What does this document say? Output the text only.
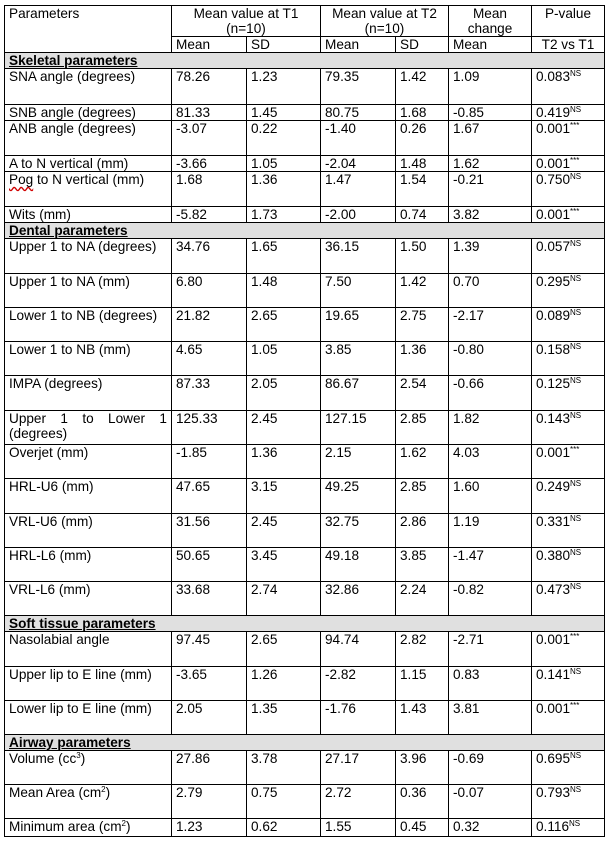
Parameters	Mean value at T1 (n=10)		Mean value at T2 (n=10)		Mean change	P-value
	Mean	SD	Mean	SD	Mean	T2 vs T1
Skeletal parameters						
SNA angle (degrees)	78.26	1.23	79.35	1.42	1.09	$0.083^{NS}$
SNB angle (degrees)	81.33	1.45	80.75	1.68	-0.85	$0.419^{NS}$
ANB angle (degrees)	-3.07	0.22	-1.40	0.26	1.67	0.001***
A to N vertical (mm)	-3.66	1.05	-2.04	1.48	1.62	0.001***
Pog to N vertical (mm)	1.68	1.36	1.47	1.54	-0.21	$0.750^{NS}$
Wits (mm)	-5.82	1.73	-2.00	0.74	3.82	0.001***
Dental parameters						
Upper 1 to NA (degrees)	34.76	1.65	36.15	1.50	1.39	$0.057^{NS}$
Upper 1 to NA (mm)	6.80	1.48	7.50	1.42	0.70	$0.295^{NS}$
Lower 1 to NB (degrees)	21.82	2.65	19.65	2.75	-2.17	$0.089^{NS}$
Lower 1 to NB (mm)	4.65	1.05	3.85	1.36	-0.80	$0.158^{NS}$
IMPA (degrees)	87.33	2.05	86.67	2.54	-0.66	$0.125^{NS}$
Upper 1 to Lower 1 (degrees)	125.33	2.45	127.15	2.85	1.82	$0.143^{NS}$
Overjet (mm)	-1.85	1.36	2.15	1.62	4.03	0.001***
HRL-U6 (mm)	47.65	3.15	49.25	2.85	1.60	$0.249^{NS}$
VRL-U6 (mm)	31.56	2.45	32.75	2.86	1.19	$0.331^{NS}$
HRL-L6 (mm)	50.65	3.45	49.18	3.85	-1.47	$0.380^{NS}$
VRL-L6 (mm)	33.68	2.74	32.86	2.24	-0.82	$0.473^{NS}$
Soft tissue parameters						
Nasolabial angle	97.45	2.65	94.74	2.82	-2.71	0.001***
Upper lip to E line (mm)	-3.65	1.26	-2.82	1.15	0.83	$0.141^{NS}$
Lower lip to E line (mm)	2.05	1.35	-1.76	1.43	3.81	0.001***
Airway parameters						
Volume $(cc^3)$	27.86	3.78	27.17	3.96	-0.69	$0.695^{NS}$
Mean Area $(cm^2)$	2.79	0.75	2.72	0.36	-0.07	$0.793^{NS}$
Minimum area $(cm^2)$	1.23	0.62	1.55	0.45	0.32	$0.116^{NS}$
